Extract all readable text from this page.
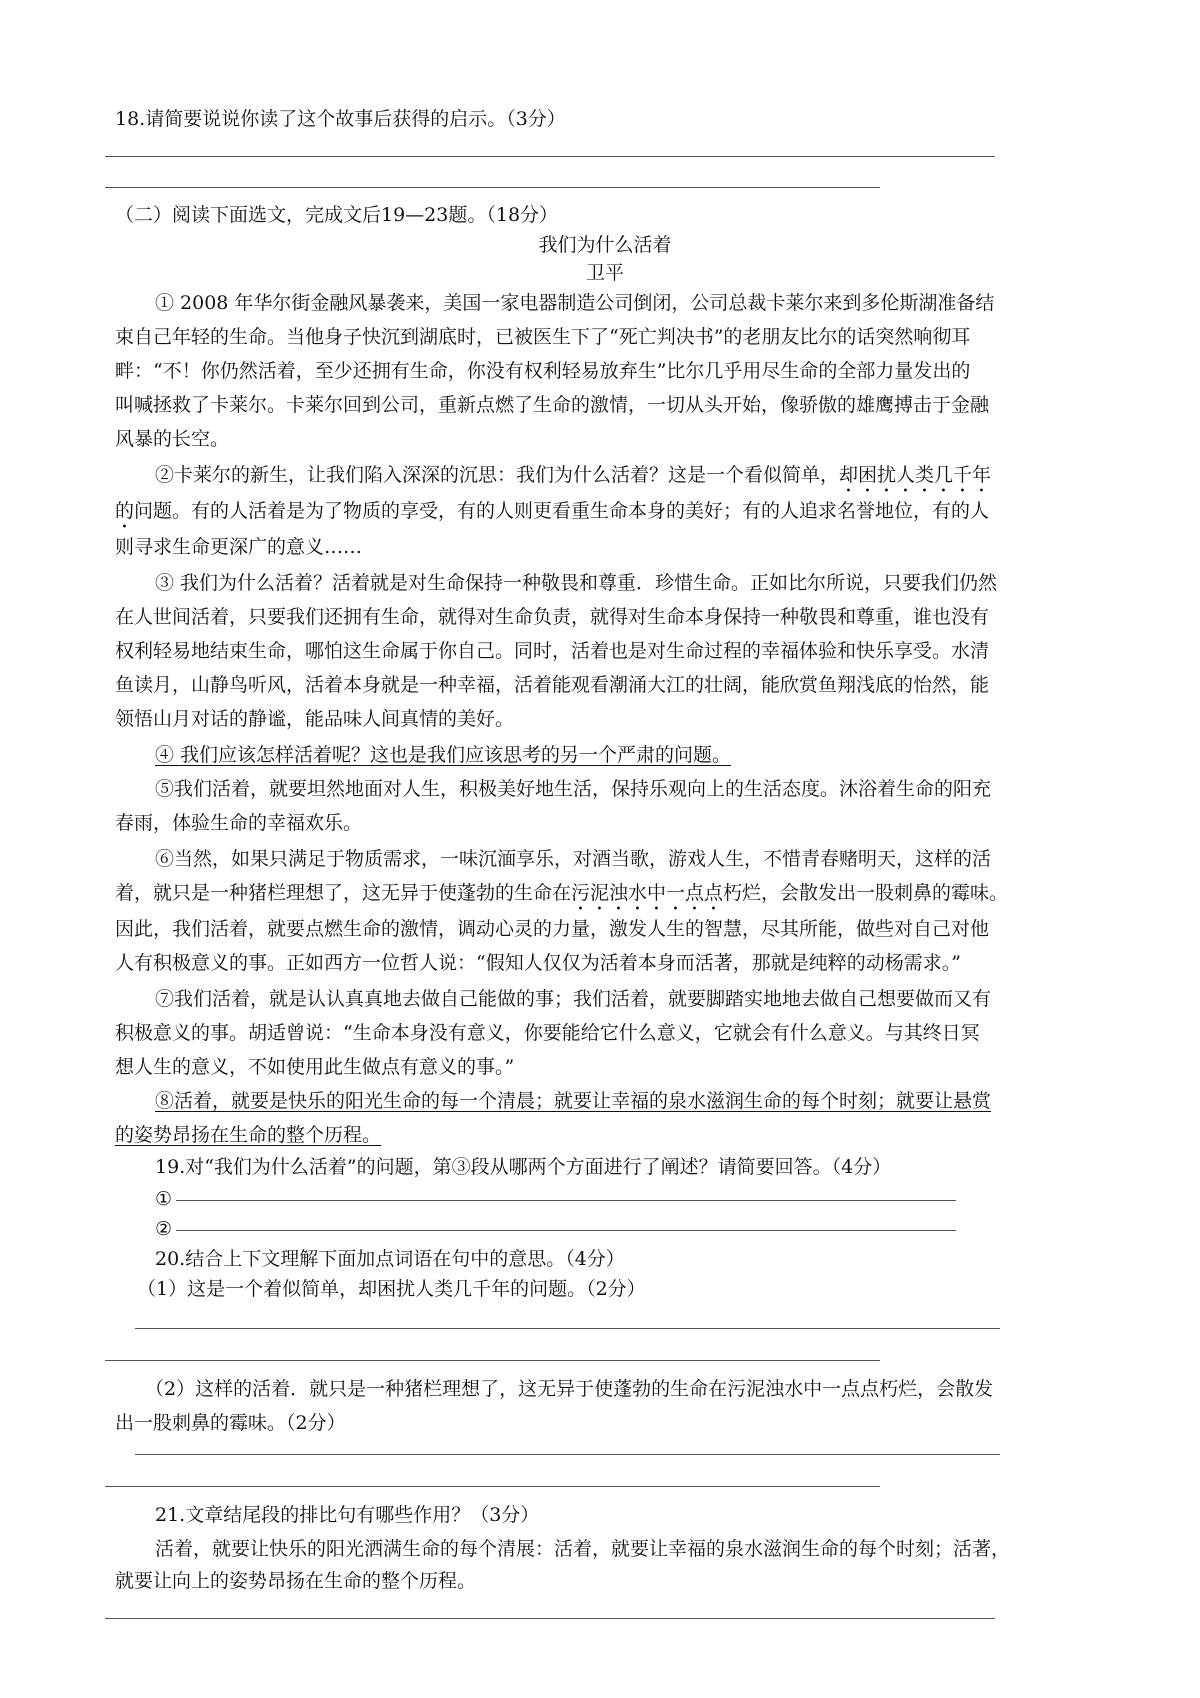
18.请简要说说你读了这个故事后获得的启示。（3分）
（二）阅读下面选文，完成文后19—23题。（18分）
我们为什么活着
卫平
① 2008 年华尔街金融风暴袭来，美国一家电器制造公司倒闭，公司总裁卡莱尔来到多伦斯湖准备结
束自己年轻的生命。当他身子快沉到湖底时，已被医生下了“死亡判决书”的老朋友比尔的话突然响彻耳
畔：“不！你仍然活着，至少还拥有生命，你没有权利轻易放弃生”比尔几乎用尽生命的全部力量发出的
叫喊拯救了卡莱尔。卡莱尔回到公司，重新点燃了生命的激情，一切从头开始，像骄傲的雄鹰搏击于金融
风暴的长空。
②卡莱尔的新生，让我们陷入深深的沉思：我们为什么活着？这是一个看似简单，却困扰人类几千年
的问题。有的人活着是为了物质的享受，有的人则更看重生命本身的美好；有的人追求名誉地位，有的人
则寻求生命更深广的意义……
③ 我们为什么活着？活着就是对生命保持一种敬畏和尊重．珍惜生命。正如比尔所说，只要我们仍然
在人世间活着，只要我们还拥有生命，就得对生命负责，就得对生命本身保持一种敬畏和尊重，谁也没有
权利轻易地结束生命，哪怕这生命属于你自己。同时，活着也是对生命过程的幸福体验和快乐享受。水清
鱼读月，山静鸟听风，活着本身就是一种幸福，活着能观看潮涌大江的壮阔，能欣赏鱼翔浅底的怡然，能
领悟山月对话的静谧，能品味人间真情的美好。
④ 我们应该怎样活着呢？这也是我们应该思考的另一个严肃的问题。
⑤我们活着，就要坦然地面对人生，积极美好地生活，保持乐观向上的生活态度。沐浴着生命的阳充
春雨，体验生命的幸福欢乐。
⑥当然，如果只满足于物质需求，一味沉湎享乐，对酒当歌，游戏人生，不惜青春赌明天，这样的活
着，就只是一种猪栏理想了，这无异于使蓬勃的生命在污泥浊水中一点点朽烂，会散发出一股刺鼻的霉味。
因此，我们活着，就要点燃生命的激情，调动心灵的力量，激发人生的智慧，尽其所能，做些对自己对他
人有积极意义的事。正如西方一位哲人说：“假知人仅仅为活着本身而活著，那就是纯粹的动杨需求。”
⑦我们活着，就是认认真真地去做自己能做的事；我们活着，就要脚踏实地地去做自己想要做而又有
积极意义的事。胡适曾说：“生命本身没有意义，你要能给它什么意义，它就会有什么意义。与其终日冥
想人生的意义，不如使用此生做点有意义的事。”
⑧活着，就要是快乐的阳光生命的每一个清晨；就要让幸福的泉水滋润生命的每个时刻；就要让悬赏
的姿势昂扬在生命的整个历程。
19.对“我们为什么活着”的问题，第③段从哪两个方面进行了阐述？请简要回答。（4分）
①
②
20.结合上下文理解下面加点词语在句中的意思。（4分）
（1）这是一个着似简单，却困扰人类几千年的问题。（2分）
（2）这样的活着．就只是一种猪栏理想了，这无异于使蓬勃的生命在污泥浊水中一点点朽烂，会散发
出一股刺鼻的霉味。（2分）
21.文章结尾段的排比句有哪些作用？（3分）
活着，就要让快乐的阳光洒满生命的每个清展：活着，就要让幸福的泉水滋润生命的每个时刻；活著，
就要让向上的姿势昂扬在生命的整个历程。
